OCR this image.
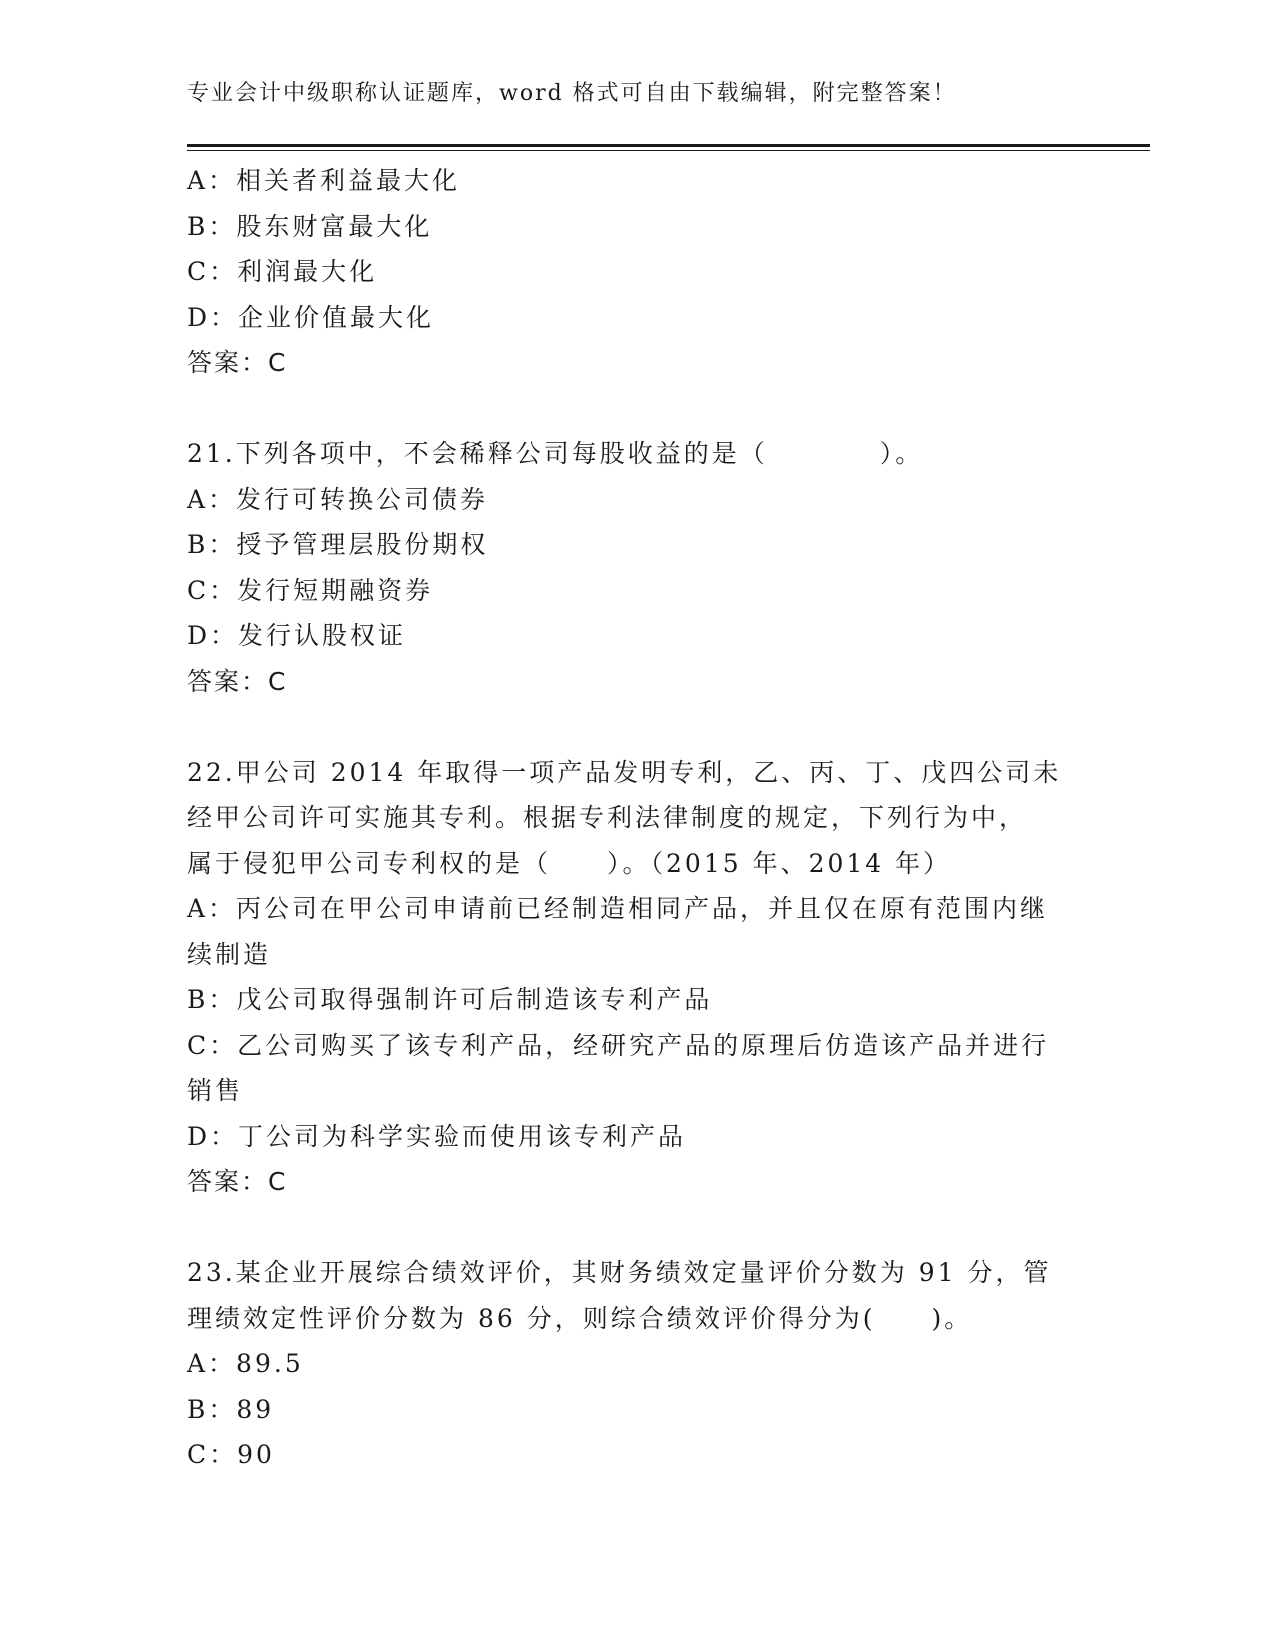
专业会计中级职称认证题库，word 格式可自由下载编辑，附完整答案！
A：相关者利益最大化
B：股东财富最大化
C：利润最大化
D：企业价值最大化
答案：C
21.下列各项中，不会稀释公司每股收益的是（　　　　）。
A：发行可转换公司债券
B：授予管理层股份期权
C：发行短期融资券
D：发行认股权证
答案：C
22.甲公司 2014 年取得一项产品发明专利，乙、丙、丁、戊四公司未
经甲公司许可实施其专利。根据专利法律制度的规定，下列行为中，
属于侵犯甲公司专利权的是（　　）。（2015 年、2014 年）
A：丙公司在甲公司申请前已经制造相同产品，并且仅在原有范围内继
续制造
B：戊公司取得强制许可后制造该专利产品
C：乙公司购买了该专利产品，经研究产品的原理后仿造该产品并进行
销售
D：丁公司为科学实验而使用该专利产品
答案：C
23.某企业开展综合绩效评价，其财务绩效定量评价分数为 91 分，管
理绩效定性评价分数为 86 分，则综合绩效评价得分为(　　)。
A：89.5
B：89
C：90
